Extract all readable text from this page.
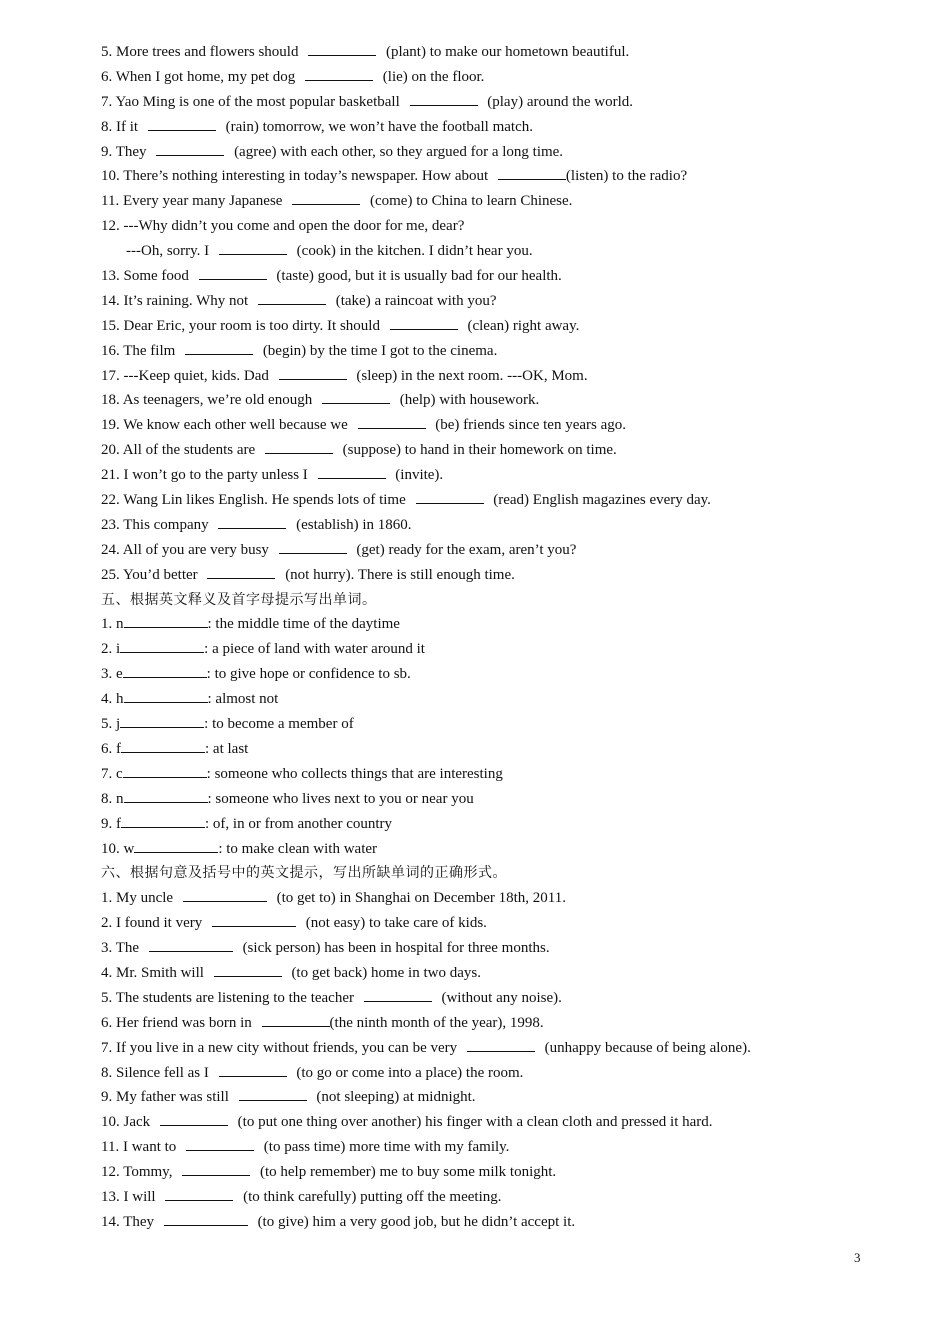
5. More trees and flowers should	(plant) to make our hometown beautiful.
6. When I got home, my pet dog	(lie) on the floor.
7. Yao Ming is one of the most popular basketball	(play) around the world.
8. If it	(rain) tomorrow, we won’t have the football match.
9. They	(agree) with each other, so they argued for a long time.
10. There’s nothing interesting in today’s newspaper. How about	(listen) to the radio?
11. Every year many Japanese	(come) to China to learn Chinese.
12. ---Why didn’t you come and open the door for me, dear?
---Oh, sorry. I	(cook) in the kitchen. I didn’t hear you.
13. Some food	(taste) good, but it is usually bad for our health.
14. It’s raining. Why not	(take) a raincoat with you?
15. Dear Eric, your room is too dirty. It should	(clean) right away.
16. The film	(begin) by the time I got to the cinema.
17. ---Keep quiet, kids. Dad	(sleep) in the next room. ---OK, Mom.
18. As teenagers, we’re old enough	(help) with housework.
19. We know each other well because we	(be) friends since ten years ago.
20. All of the students are	(suppose) to hand in their homework on time.
21. I won’t go to the party unless I	(invite).
22. Wang Lin likes English. He spends lots of time	(read) English magazines every day.
23. This company	(establish) in 1860.
24. All of you are very busy	(get) ready for the exam, aren’t you?
25. You’d better	(not hurry). There is still enough time.
五、根据英文释义及首字母提示写出单词。
1. n	: the middle time of the daytime
2. i	: a piece of land with water around it
3. e	: to give hope or confidence to sb.
4. h	: almost not
5. j	: to become a member of
6. f	: at last
7. c	: someone who collects things that are interesting
8. n	: someone who lives next to you or near you
9. f	: of, in or from another country
10. w	: to make clean with water
六、根据句意及括号中的英文提示，写出所缺单词的正确形式。
1. My uncle	(to get to) in Shanghai on December 18th, 2011.
2. I found it very	(not easy) to take care of kids.
3. The	(sick person) has been in hospital for three months.
4. Mr. Smith will	(to get back) home in two days.
5. The students are listening to the teacher	(without any noise).
6. Her friend was born in	(the ninth month of the year), 1998.
7. If you live in a new city without friends, you can be very	(unhappy because of being alone).
8. Silence fell as I	(to go or come into a place) the room.
9. My father was still	(not sleeping) at midnight.
10. Jack	(to put one thing over another) his finger with a clean cloth and pressed it hard.
11. I want to	(to pass time) more time with my family.
12. Tommy,	(to help remember) me to buy some milk tonight.
13. I will	(to think carefully) putting off the meeting.
14. They	(to give) him a very good job, but he didn’t accept it.
3
